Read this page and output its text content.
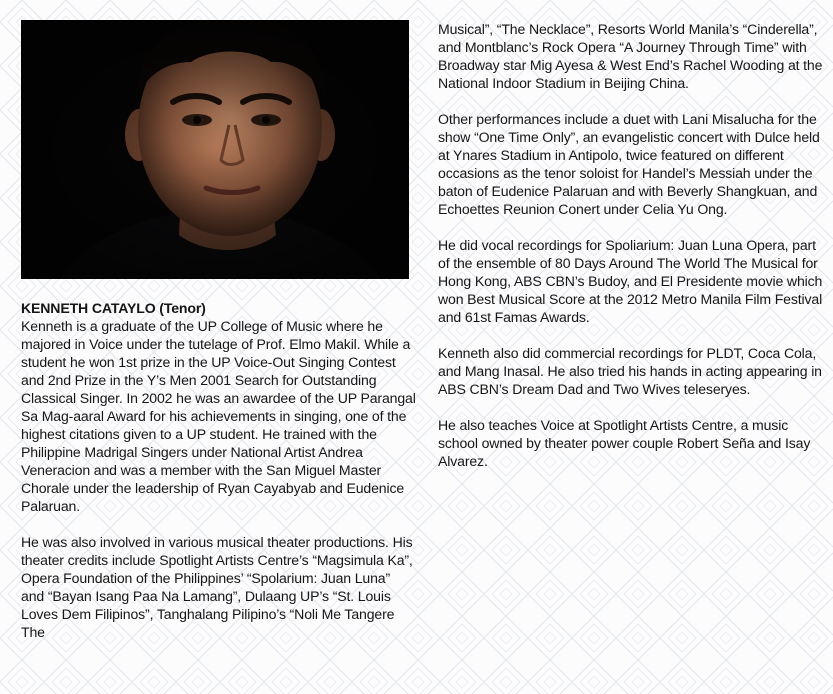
KENNETH CATAYLO (Tenor)
Kenneth is a graduate of the UP College of Music where he majored in Voice under the tutelage of Prof. Elmo Makil. While a student he won 1st prize in the UP Voice-Out Singing Contest and 2nd Prize in the Y’s Men 2001 Search for Outstanding Classical Singer. In 2002 he was an awardee of the UP Parangal Sa Mag-aaral Award for his achievements in singing, one of the highest citations given to a UP student. He trained with the Philippine Madrigal Singers under National Artist Andrea Veneracion and was a member with the San Miguel Master Chorale under the leadership of Ryan Cayabyab and Eudenice Palaruan.

He was also involved in various musical theater productions. His theater credits include Spotlight Artists Centre’s “Magsimula Ka”, Opera Foundation of the Philippines’ “Spolarium: Juan Luna” and “Bayan Isang Paa Na Lamang”, Dulaang UP’s “St. Louis Loves Dem Filipinos”, Tanghalang Pilipino’s “Noli Me Tangere The

Musical”, “The Necklace”, Resorts World Manila’s “Cinderella”, and Montblanc’s Rock Opera “A Journey Through Time” with Broadway star Mig Ayesa & West End’s Rachel Wooding at the National Indoor Stadium in Beijing China.

Other performances include a duet with Lani Misalucha for the show “One Time Only”, an evangelistic concert with Dulce held at Ynares Stadium in Antipolo, twice featured on different occasions as the tenor soloist for Handel’s Messiah under the baton of Eudenice Palaruan and with Beverly Shangkuan, and Echoettes Reunion Conert under Celia Yu Ong.

He did vocal recordings for Spoliarium: Juan Luna Opera, part of the ensemble of 80 Days Around The World The Musical for Hong Kong, ABS CBN’s Budoy, and El Presidente movie which won Best Musical Score at the 2012 Metro Manila Film Festival and 61st Famas Awards.

Kenneth also did commercial recordings for PLDT, Coca Cola, and Mang Inasal. He also tried his hands in acting appearing in ABS CBN’s Dream Dad and Two Wives teleseryes.

He also teaches Voice at Spotlight Artists Centre, a music school owned by theater power couple Robert Seña and Isay Alvarez.
